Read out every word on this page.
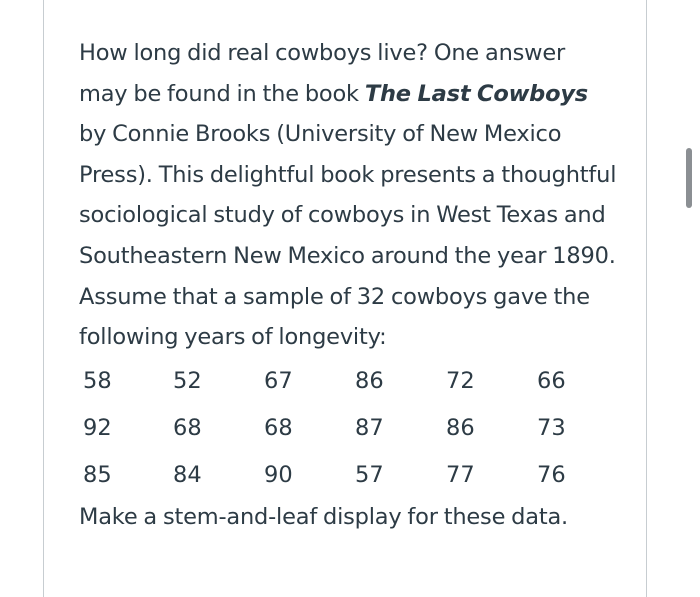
How long did real cowboys live? One answer may be found in the book The Last Cowboys by Connie Brooks (University of New Mexico Press). This delightful book presents a thoughtful sociological study of cowboys in West Texas and Southeastern New Mexico around the year 1890. Assume that a sample of 32 cowboys gave the following years of longevity:

58	52	67	86	72	66
92	68	68	87	86	73
85	84	90	57	77	76

Make a stem-and-leaf display for these data.
